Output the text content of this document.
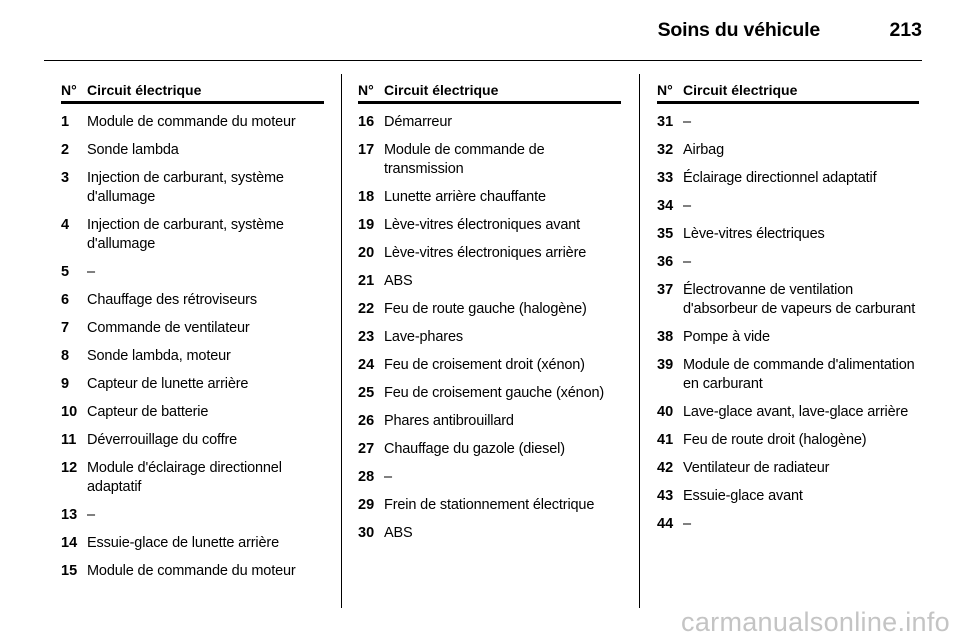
Soins du véhicule	213
N° Circuit électrique
1	Module de commande du moteur
2	Sonde lambda
3	Injection de carburant, système d'allumage
4	Injection de carburant, système d'allumage
5	–
6	Chauffage des rétroviseurs
7	Commande de ventilateur
8	Sonde lambda, moteur
9	Capteur de lunette arrière
10 Capteur de batterie
11 Déverrouillage du coffre
12 Module d'éclairage directionnel adaptatif
13 –
14 Essuie-glace de lunette arrière
15 Module de commande du moteur
N° Circuit électrique
16 Démarreur
17 Module de commande de transmission
18 Lunette arrière chauffante
19 Lève-vitres électroniques avant
20 Lève-vitres électroniques arrière
21 ABS
22 Feu de route gauche (halogène)
23 Lave-phares
24 Feu de croisement droit (xénon)
25 Feu de croisement gauche (xénon)
26 Phares antibrouillard
27 Chauffage du gazole (diesel)
28 –
29 Frein de stationnement électrique
30 ABS
N° Circuit électrique
31 –
32 Airbag
33 Éclairage directionnel adaptatif
34 –
35 Lève-vitres électriques
36 –
37 Électrovanne de ventilation d'absorbeur de vapeurs de carburant
38 Pompe à vide
39 Module de commande d'alimentation en carburant
40 Lave-glace avant, lave-glace arrière
41 Feu de route droit (halogène)
42 Ventilateur de radiateur
43 Essuie-glace avant
44 –
carmanualsonline.info
